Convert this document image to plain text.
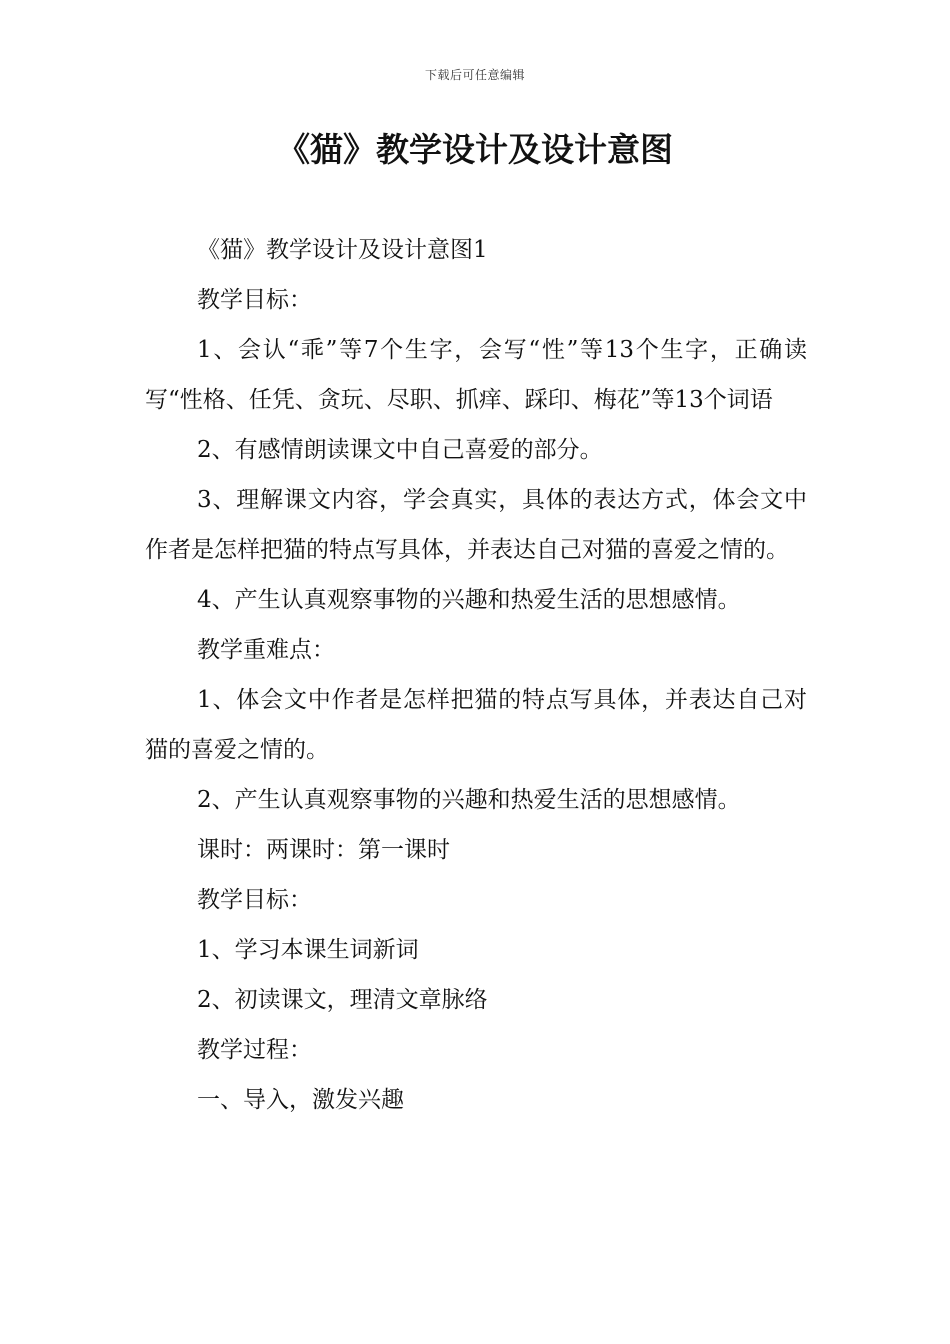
下载后可任意编辑
《猫》教学设计及设计意图

《猫》教学设计及设计意图1

教学目标：

1、会认“乖”等7个生字，会写“性”等13个生字，正确读写“性格、任凭、贪玩、尽职、抓痒、踩印、梅花”等13个词语

2、有感情朗读课文中自己喜爱的部分。

3、理解课文内容，学会真实，具体的表达方式，体会文中作者是怎样把猫的特点写具体，并表达自己对猫的喜爱之情的。

4、产生认真观察事物的兴趣和热爱生活的思想感情。

教学重难点：

1、体会文中作者是怎样把猫的特点写具体，并表达自己对猫的喜爱之情的。

2、产生认真观察事物的兴趣和热爱生活的思想感情。

课时：两课时：第一课时

教学目标：

1、学习本课生词新词

2、初读课文，理清文章脉络

教学过程：

一、导入，激发兴趣
